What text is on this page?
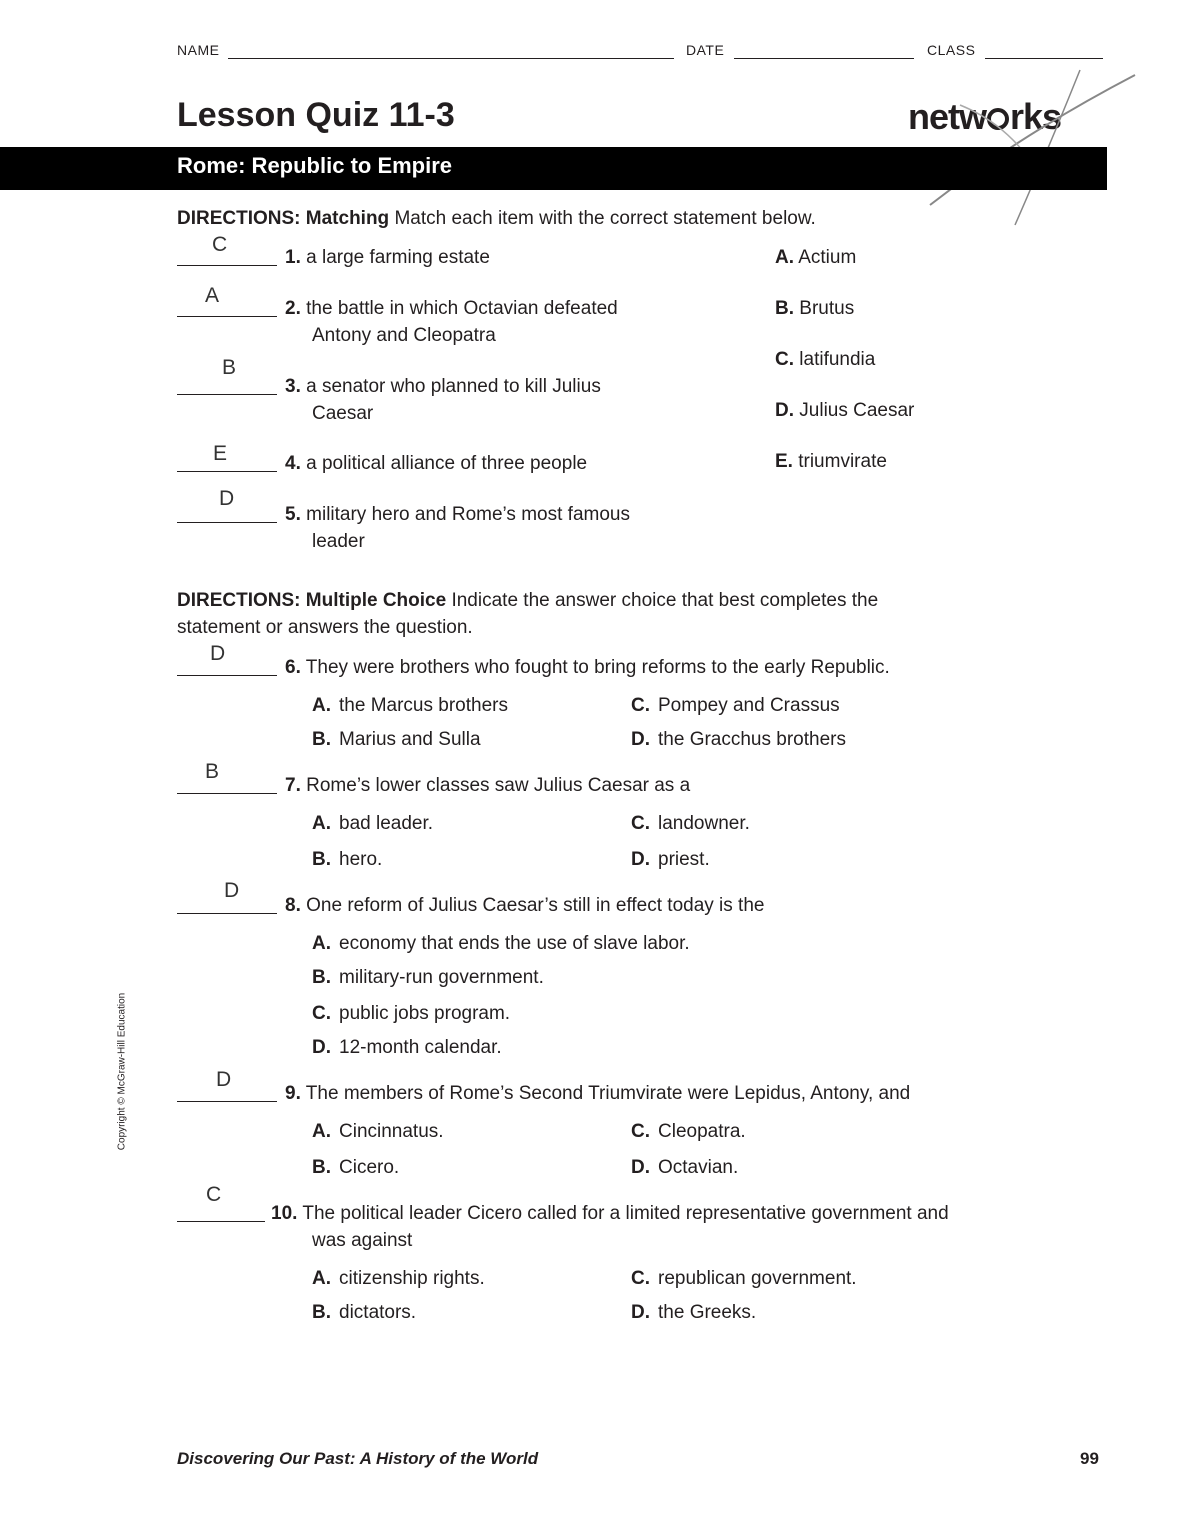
NAME	DATE	CLASS
Lesson Quiz 11-3	netw rks
Rome: Republic to Empire
DIRECTIONS: Matching Match each item with the correct statement below.
C
1. a large farming estate
A
2. the battle in which Octavian defeated
Antony and Cleopatra
B
3. a senator who planned to kill Julius
Caesar
E	4. a political alliance of three people
D
5. military hero and Rome’s most famous
leader
A. Actium
B. Brutus
C. latifundia
D. Julius Caesar
E. triumvirate
DIRECTIONS: Multiple Choice Indicate the answer choice that best completes the
statement or answers the question.
D
6. They were brothers who fought to bring reforms to the early Republic.
A. the Marcus brothers	C. Pompey and Crassus
B. Marius and Sulla	D. the Gracchus brothers
B
7. Rome’s lower classes saw Julius Caesar as a
A. bad leader.	C. landowner.
B. hero.	D. priest.
D
8. One reform of Julius Caesar’s still in effect today is the
A. economy that ends the use of slave labor.
B. military-run government.
C. public jobs program.
D. 12-month calendar.
D
9. The members of Rome’s Second Triumvirate were Lepidus, Antony, and
A. Cincinnatus.	C. Cleopatra.
B. Cicero.	D. Octavian.
C
10. The political leader Cicero called for a limited representative government and
was against
A. citizenship rights.	C. republican government.
B. dictators.	D. the Greeks.
Copyright © McGraw-Hill Education
Discovering Our Past: A History of the World	99
